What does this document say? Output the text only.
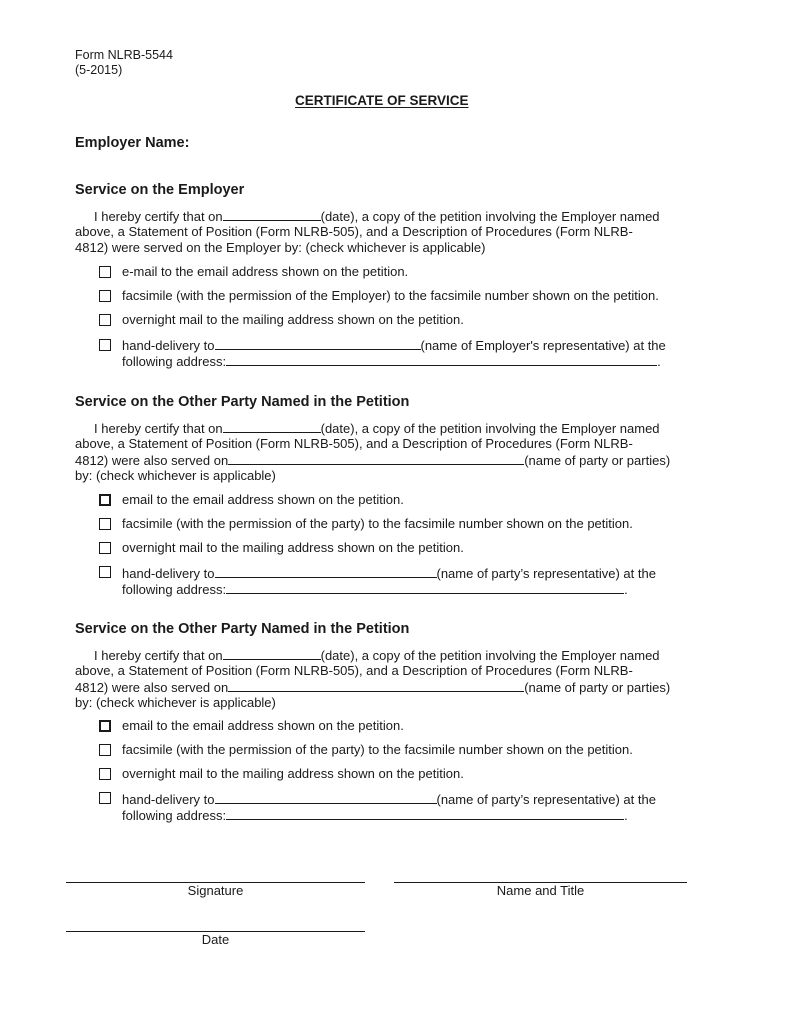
Form NLRB-5544
(5-2015)
CERTIFICATE OF SERVICE
Employer Name:
Service on the Employer
I hereby certify that on	(date), a copy of the petition involving the Employer named
above, a Statement of Position (Form NLRB-505), and a Description of Procedures (Form NLRB-
4812) were served on the Employer by: (check whichever is applicable)
e-mail to the email address shown on the petition.
facsimile (with the permission of the Employer) to the facsimile number shown on the petition.
overnight mail to the mailing address shown on the petition.
hand-delivery to	(name of Employer's representative) at the
following address:	.
Service on the Other Party Named in the Petition
I hereby certify that on	(date), a copy of the petition involving the Employer named
above, a Statement of Position (Form NLRB-505), and a Description of Procedures (Form NLRB-
4812) were also served on	(name of party or parties)
by: (check whichever is applicable)
email to the email address shown on the petition.
facsimile (with the permission of the party) to the facsimile number shown on the petition.
overnight mail to the mailing address shown on the petition.
hand-delivery to	(name of party’s representative) at the
following address:	.
Service on the Other Party Named in the Petition
I hereby certify that on	(date), a copy of the petition involving the Employer named
above, a Statement of Position (Form NLRB-505), and a Description of Procedures (Form NLRB-
4812) were also served on	(name of party or parties)
by: (check whichever is applicable)
email to the email address shown on the petition.
facsimile (with the permission of the party) to the facsimile number shown on the petition.
overnight mail to the mailing address shown on the petition.
hand-delivery to	(name of party’s representative) at the
following address:	.
Signature	Name and Title
Date
